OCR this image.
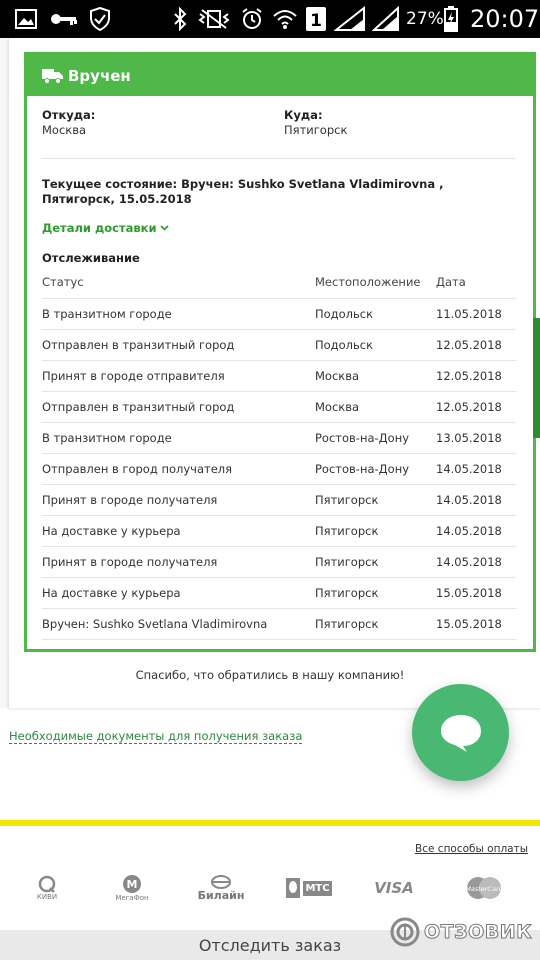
1	27% 20:07
Вручен
Откуда:
Москва
Куда:
Пятигорск
Текущее состояние: Вручен: Sushko Svetlana Vladimirovna , Пятигорск, 15.05.2018
Детали доставки
Отслеживание
Статус	Местоположение	Дата
В транзитном городе	Подольск	11.05.2018
Отправлен в транзитный город	Подольск	12.05.2018
Принят в городе отправителя	Москва	12.05.2018
Отправлен в транзитный город	Москва	12.05.2018
В транзитном городе	Ростов-на-Дону	13.05.2018
Отправлен в город получателя	Ростов-на-Дону	14.05.2018
Принят в городе получателя	Пятигорск	14.05.2018
На доставке у курьера	Пятигорск	14.05.2018
Принят в городе получателя	Пятигорск	14.05.2018
На доставке у курьера	Пятигорск	15.05.2018
Вручен: Sushko Svetlana Vladimirovna	Пятигорск	15.05.2018
Спасибо, что обратились в нашу компанию!
Необходимые документы для получения заказа
Все способы оплаты
КИВИ
M
МегаФон	Билайн
МТС	VISA	MasterCard
Отследить заказ
ОТЗОВИК
